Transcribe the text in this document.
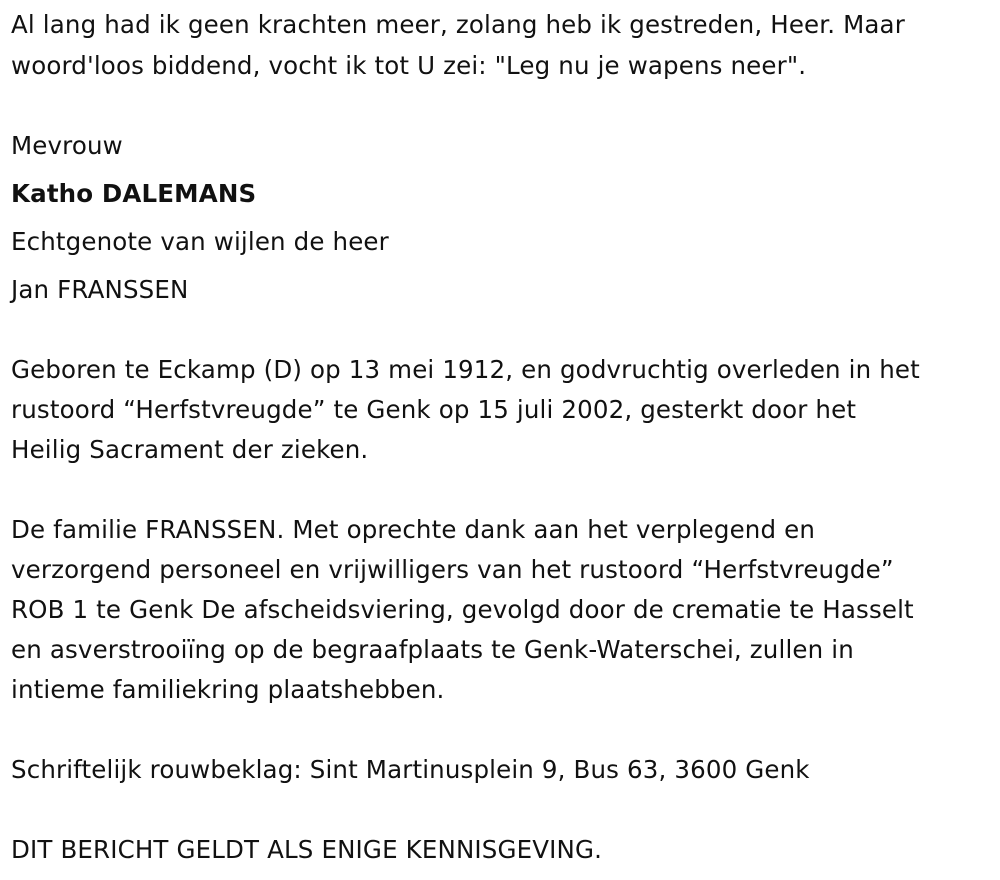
Al lang had ik geen krachten meer, zolang heb ik gestreden, Heer. Maar
woord'loos biddend, vocht ik tot U zei: "Leg nu je wapens neer".
Mevrouw
Katho DALEMANS
Echtgenote van wijlen de heer
Jan FRANSSEN
Geboren te Eckamp (D) op 13 mei 1912, en godvruchtig overleden in het
rustoord “Herfstvreugde” te Genk op 15 juli 2002, gesterkt door het
Heilig Sacrament der zieken.
De familie FRANSSEN. Met oprechte dank aan het verplegend en
verzorgend personeel en vrijwilligers van het rustoord “Herfstvreugde”
ROB 1 te Genk De afscheidsviering, gevolgd door de crematie te Hasselt
en asverstrooiïng op de begraafplaats te Genk-Waterschei, zullen in
intieme familiekring plaatshebben.
Schriftelijk rouwbeklag: Sint Martinusplein 9, Bus 63, 3600 Genk
DIT BERICHT GELDT ALS ENIGE KENNISGEVING.
